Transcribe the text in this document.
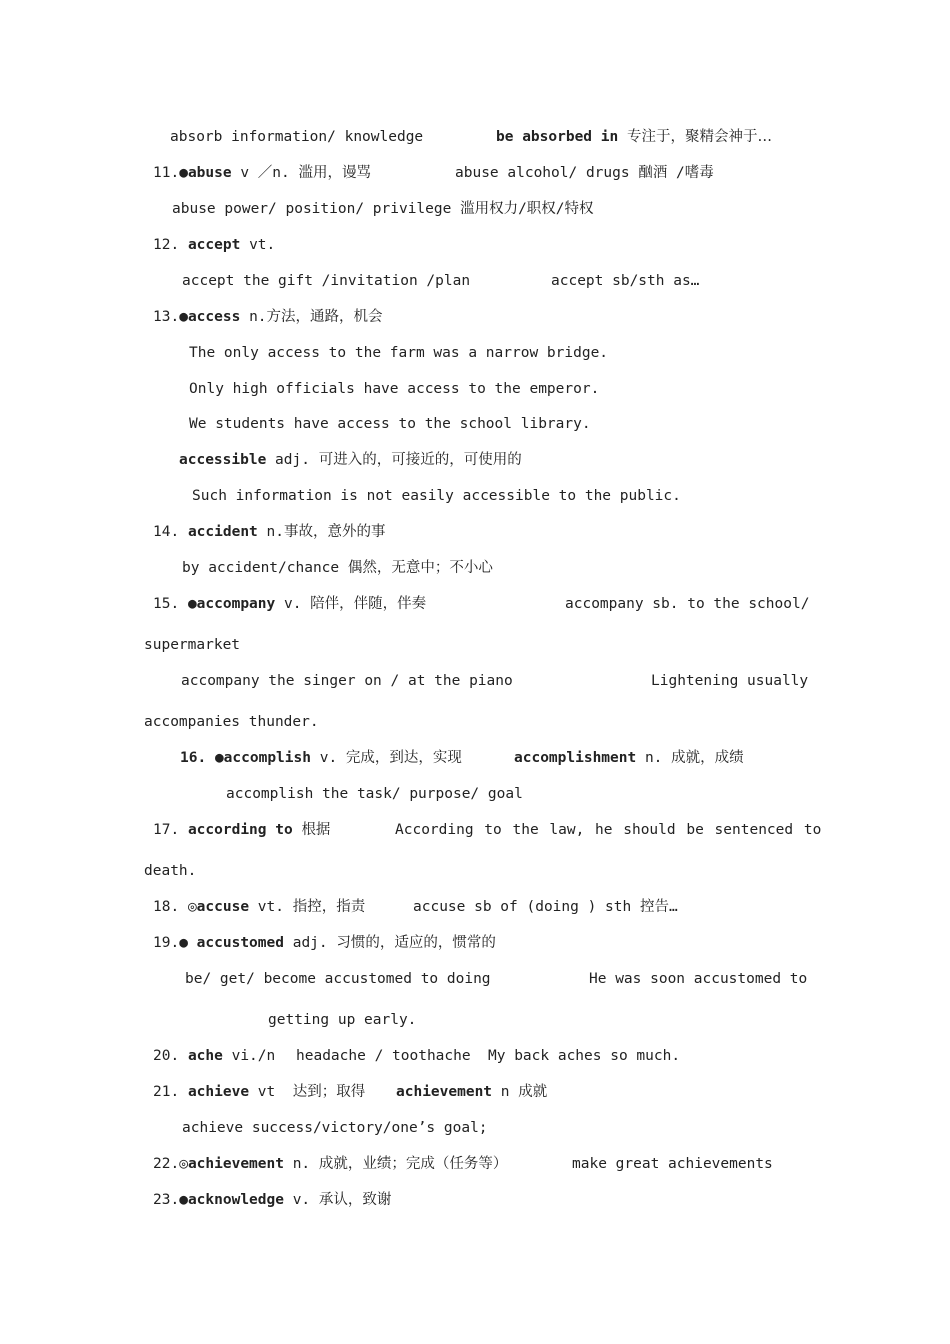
absorb information/ knowledge	be absorbed in 专注于，聚精会神于…
11.●abuse v ／n. 滥用，谩骂	abuse alcohol/ drugs 酗酒 /嗜毒
abuse power/ position/ privilege 滥用权力/职权/特权
12. accept vt.
accept the gift /invitation /plan	accept sb/sth as…
13.●access n.方法，通路，机会
The only access to the farm was a narrow bridge.
Only high officials have access to the emperor.
We students have access to the school library.
accessible adj. 可进入的，可接近的，可使用的
Such information is not easily accessible to the public.
14. accident n.事故，意外的事
by accident/chance 偶然，无意中；不小心
15. ●accompany v. 陪伴，伴随，伴奏	accompany sb. to the school/
supermarket
accompany the singer on / at the piano	Lightening usually
accompanies thunder.
16. ●accomplish v. 完成，到达，实现	accomplishment n. 成就，成绩
accomplish the task/ purpose/ goal
17. according to 根据	According to the law, he should be sentenced to
death.
18. ◎accuse vt. 指控，指责	accuse sb of (doing ) sth 控告…
19.● accustomed adj. 习惯的，适应的，惯常的
be/ get/ become accustomed to doing	He was soon accustomed to
getting up early.
20. ache vi./n headache / toothache My back aches so much.
21. achieve vt  达到；取得 achievement n 成就
achieve success/victory/one’s goal;
22.◎achievement n. 成就，业绩；完成（任务等）	make great achievements
23.●acknowledge v. 承认，致谢
